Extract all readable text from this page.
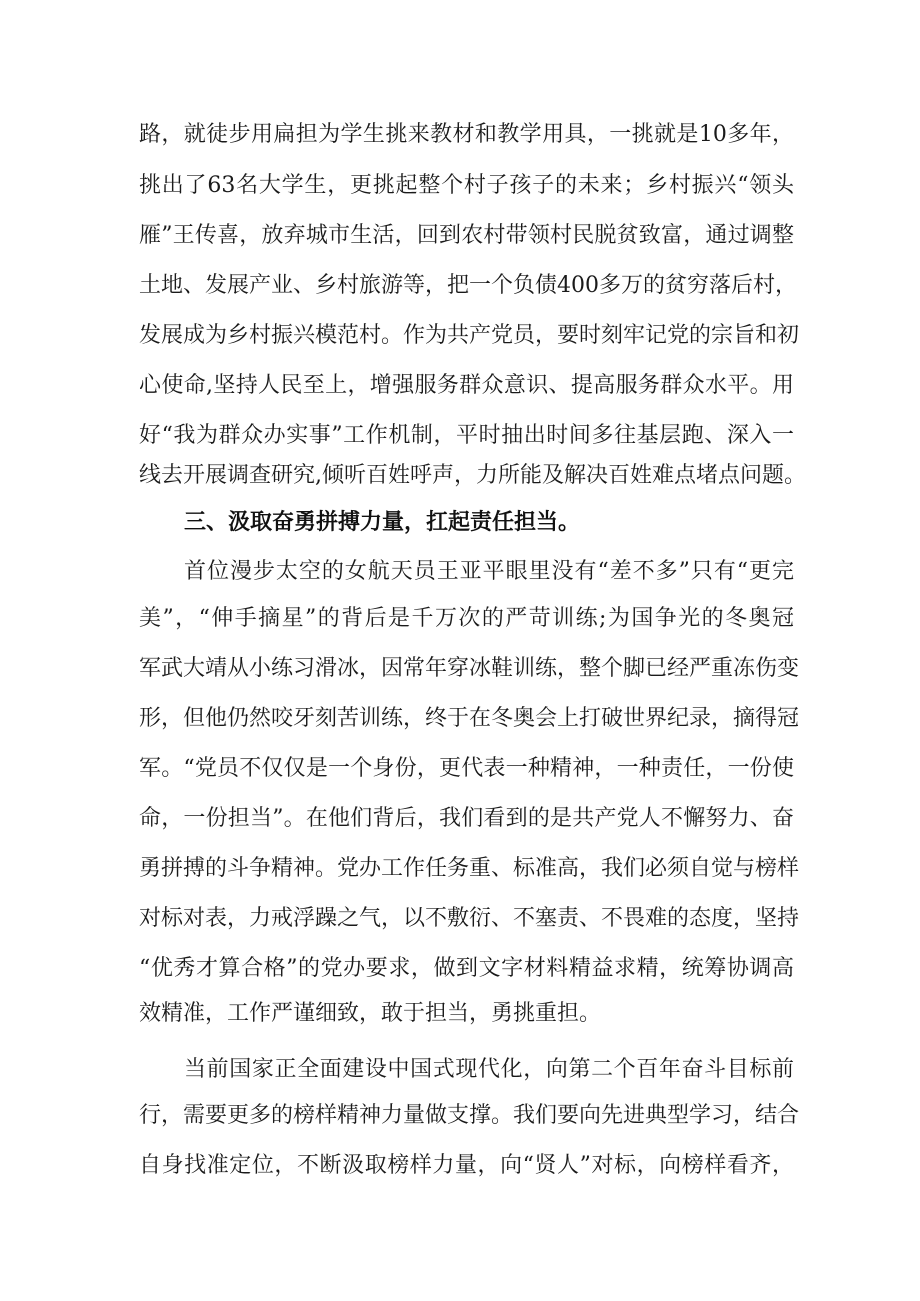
路，就徒步用扁担为学生挑来教材和教学用具，一挑就是10多年，
挑出了63名大学生，更挑起整个村子孩子的未来；乡村振兴“领头
雁”王传喜，放弃城市生活，回到农村带领村民脱贫致富，通过调整
土地、发展产业、乡村旅游等，把一个负债400多万的贫穷落后村，
发展成为乡村振兴模范村。作为共产党员，要时刻牢记党的宗旨和初
心使命,坚持人民至上，增强服务群众意识、提高服务群众水平。用
好“我为群众办实事”工作机制，平时抽出时间多往基层跑、深入一
线去开展调查研究,倾听百姓呼声，力所能及解决百姓难点堵点问题。
三、汲取奋勇拼搏力量，扛起责任担当。
首位漫步太空的女航天员王亚平眼里没有“差不多”只有“更完
美”，“伸手摘星”的背后是千万次的严苛训练;为国争光的冬奥冠
军武大靖从小练习滑冰，因常年穿冰鞋训练，整个脚已经严重冻伤变
形，但他仍然咬牙刻苦训练，终于在冬奥会上打破世界纪录，摘得冠
军。“党员不仅仅是一个身份，更代表一种精神，一种责任，一份使
命，一份担当”。在他们背后，我们看到的是共产党人不懈努力、奋
勇拼搏的斗争精神。党办工作任务重、标准高，我们必须自觉与榜样
对标对表，力戒浮躁之气，以不敷衍、不塞责、不畏难的态度，坚持
“优秀才算合格”的党办要求，做到文字材料精益求精，统筹协调高
效精准，工作严谨细致，敢于担当，勇挑重担。
当前国家正全面建设中国式现代化，向第二个百年奋斗目标前
行，需要更多的榜样精神力量做支撑。我们要向先进典型学习，结合
自身找准定位，不断汲取榜样力量，向“贤人”对标，向榜样看齐，
